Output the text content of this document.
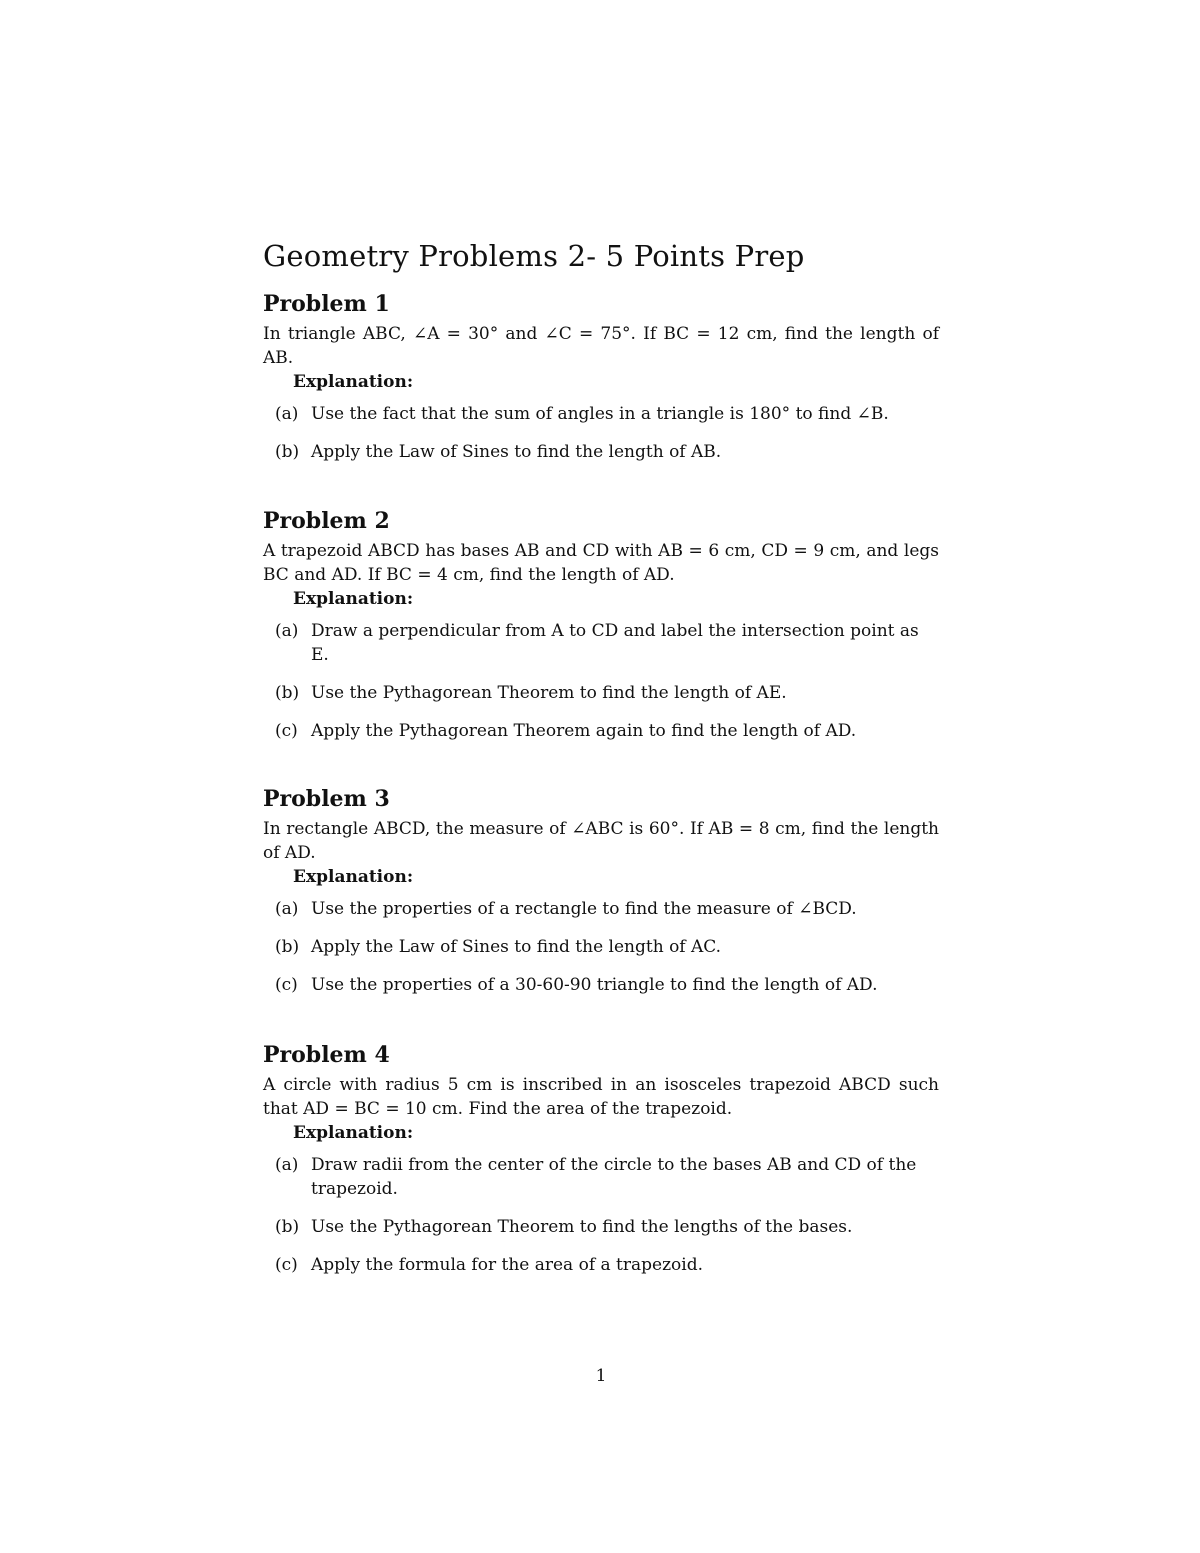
Geometry Problems 2- 5 Points Prep
Problem 1

In triangle ABC, ∠A = 30° and ∠C = 75°. If BC = 12 cm, find the length of AB.

Explanation:

(a) Use the fact that the sum of angles in a triangle is 180° to find ∠B.
(b) Apply the Law of Sines to find the length of AB.
Problem 2

A trapezoid ABCD has bases AB and CD with AB = 6 cm, CD = 9 cm, and legs BC and AD. If BC = 4 cm, find the length of AD.

Explanation:

(a) Draw a perpendicular from A to CD and label the intersection point as E.
(b) Use the Pythagorean Theorem to find the length of AE.
(c) Apply the Pythagorean Theorem again to find the length of AD.
Problem 3

In rectangle ABCD, the measure of ∠ABC is 60°. If AB = 8 cm, find the length of AD.

Explanation:

(a) Use the properties of a rectangle to find the measure of ∠BCD.
(b) Apply the Law of Sines to find the length of AC.
(c) Use the properties of a 30-60-90 triangle to find the length of AD.
Problem 4

A circle with radius 5 cm is inscribed in an isosceles trapezoid ABCD such that AD = BC = 10 cm. Find the area of the trapezoid.

Explanation:

(a) Draw radii from the center of the circle to the bases AB and CD of the trapezoid.
(b) Use the Pythagorean Theorem to find the lengths of the bases.
(c) Apply the formula for the area of a trapezoid.
1
